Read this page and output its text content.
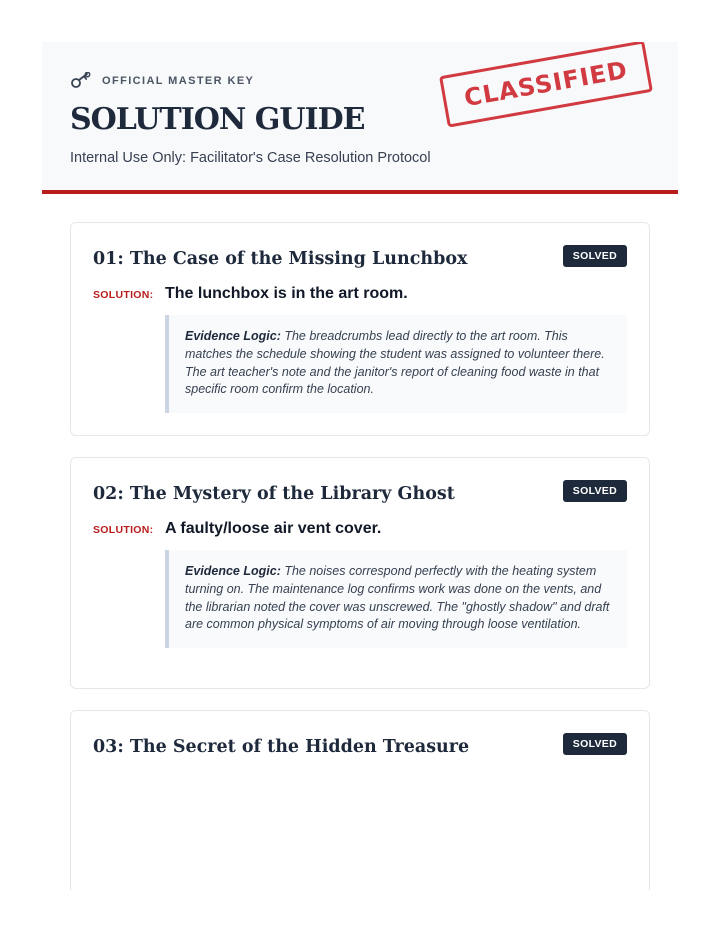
OFFICIAL MASTER KEY
SOLUTION GUIDE
Internal Use Only: Facilitator's Case Resolution Protocol
CLASSIFIED
01: The Case of the Missing Lunchbox	SOLVED
SOLUTION: The lunchbox is in the art room.
Evidence Logic: The breadcrumbs lead directly to the art room. This matches the schedule showing the student was assigned to volunteer there. The art teacher's note and the janitor's report of cleaning food waste in that specific room confirm the location.
02: The Mystery of the Library Ghost	SOLVED
SOLUTION: A faulty/loose air vent cover.
Evidence Logic: The noises correspond perfectly with the heating system turning on. The maintenance log confirms work was done on the vents, and the librarian noted the cover was unscrewed. The "ghostly shadow" and draft are common physical symptoms of air moving through loose ventilation.
03: The Secret of the Hidden Treasure	SOLVED
